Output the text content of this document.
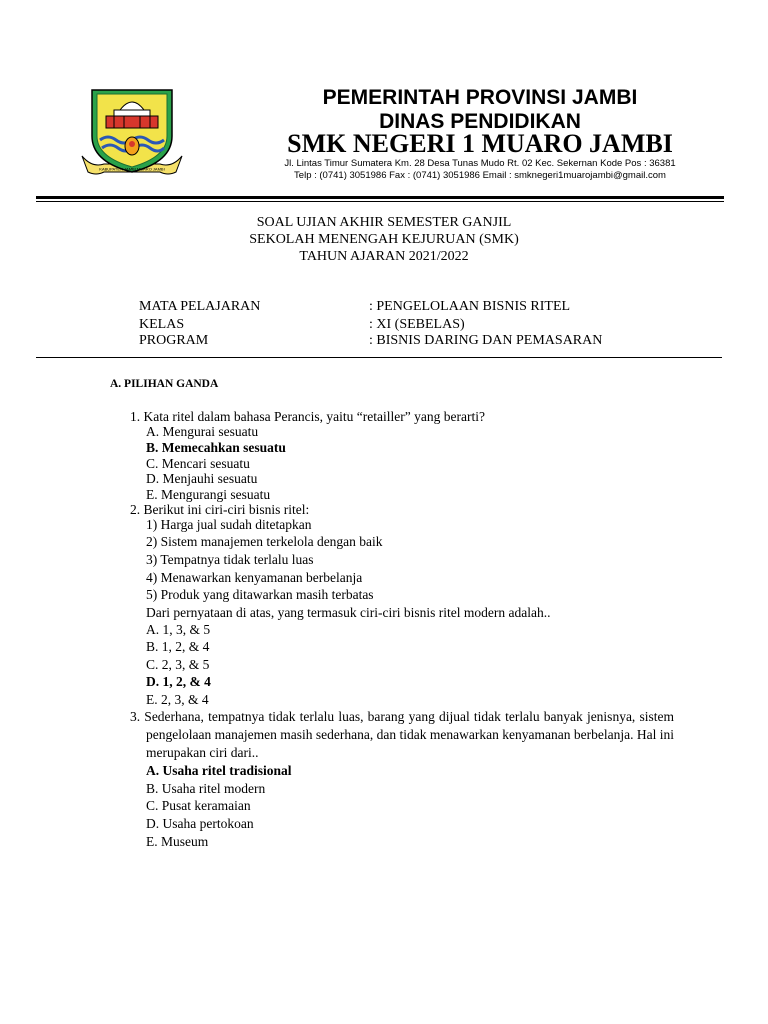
KABUPATEN JAMBI MUARO JAMBI
PEMERINTAH PROVINSI JAMBI
DINAS PENDIDIKAN
SMK NEGERI 1 MUARO JAMBI
Jl. Lintas Timur Sumatera Km. 28 Desa Tunas Mudo Rt. 02 Kec. Sekernan Kode Pos : 36381
Telp : (0741) 3051986 Fax : (0741) 3051986 Email : smknegeri1muarojambi@gmail.com
SOAL UJIAN AKHIR SEMESTER GANJIL
SEKOLAH MENENGAH KEJURUAN (SMK)
TAHUN AJARAN 2021/2022
MATA PELAJARAN	: PENGELOLAAN BISNIS RITEL
KELAS	: XI (SEBELAS)
PROGRAM	: BISNIS DARING DAN PEMASARAN
A. PILIHAN GANDA
1. Kata ritel dalam bahasa Perancis, yaitu “retailler” yang berarti?
A. Mengurai sesuatu
B. Memecahkan sesuatu
C. Mencari sesuatu
D. Menjauhi sesuatu
E. Mengurangi sesuatu
2. Berikut ini ciri-ciri bisnis ritel:
1) Harga jual sudah ditetapkan
2) Sistem manajemen terkelola dengan baik
3) Tempatnya tidak terlalu luas
4) Menawarkan kenyamanan berbelanja
5) Produk yang ditawarkan masih terbatas
Dari pernyataan di atas, yang termasuk ciri-ciri bisnis ritel modern adalah..
A. 1, 3, & 5
B. 1, 2, & 4
C. 2, 3, & 5
D. 1, 2, & 4
E. 2, 3, & 4
3. Sederhana, tempatnya tidak terlalu luas, barang yang dijual tidak terlalu banyak jenisnya, sistem pengelolaan manajemen masih sederhana, dan tidak menawarkan kenyamanan berbelanja. Hal ini merupakan ciri dari..
A. Usaha ritel tradisional
B. Usaha ritel modern
C. Pusat keramaian
D. Usaha pertokoan
E. Museum
